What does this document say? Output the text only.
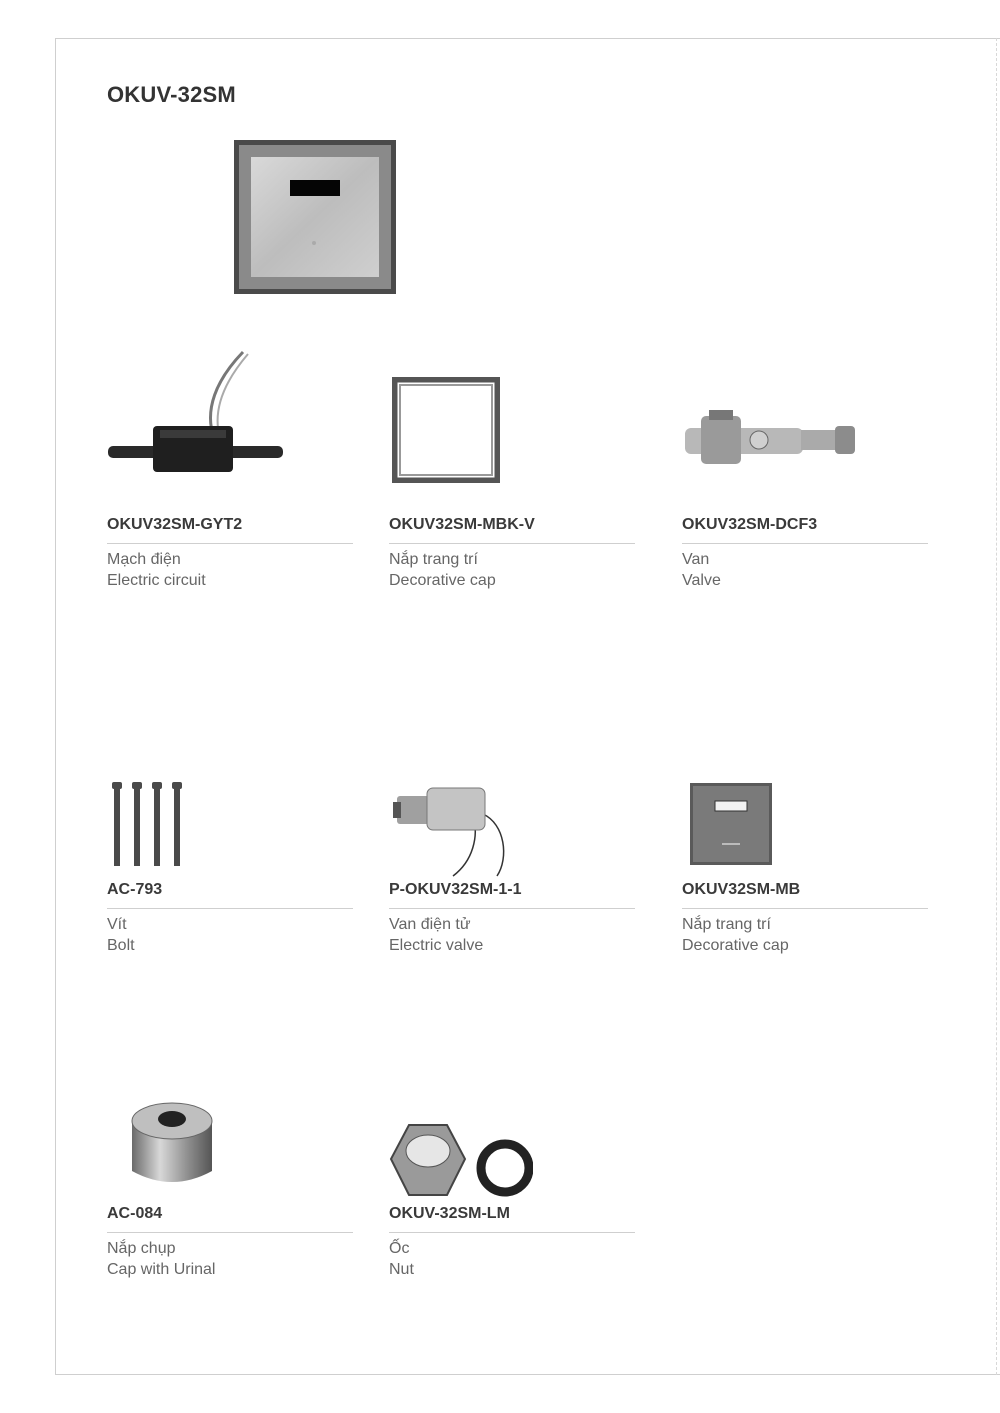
OKUV-32SM
OKUV32SM-GYT2
Mạch điện
Electric circuit
OKUV32SM-MBK-V
Nắp trang trí
Decorative cap
OKUV32SM-DCF3
Van
Valve
AC-793
Vít
Bolt
P-OKUV32SM-1-1
Van điện tử
Electric valve
OKUV32SM-MB
Nắp trang trí
Decorative cap
AC-084
Nắp chụp
Cap with Urinal
OKUV-32SM-LM
Ốc
Nut
